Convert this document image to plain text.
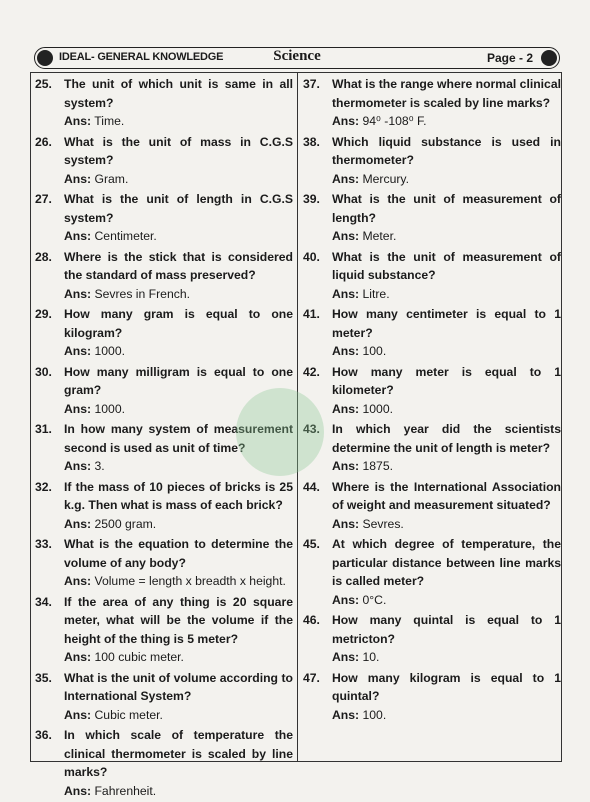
IDEAL- GENERAL KNOWLEDGE	Science	Page - 2
25. The unit of which unit is same in all system?
Ans: Time.
26. What is the unit of mass in C.G.S system?
Ans: Gram.
27. What is the unit of length in C.G.S system?
Ans: Centimeter.
28. Where is the stick that is considered the standard of mass preserved?
Ans: Sevres in French.
29. How many gram is equal to one kilogram?
Ans: 1000.
30. How many milligram is equal to one gram?
Ans: 1000.
31. In how many system of measurement second is used as unit of time?
Ans: 3.
32. If the mass of 10 pieces of bricks is 25 k.g. Then what is mass of each brick?
Ans: 2500 gram.
33. What is the equation to determine the volume of any body?
Ans: Volume = length x breadth x height.
34. If the area of any thing is 20 square meter, what will be the volume if the height of the thing is 5 meter?
Ans: 100 cubic meter.
35. What is the unit of volume according to International System?
Ans: Cubic meter.
36. In which scale of temperature the clinical thermometer is scaled by line marks?
Ans: Fahrenheit.
37. What is the range where normal clinical thermometer is scaled by line marks?
Ans: 94⁰ -108⁰ F.
38. Which liquid substance is used in thermometer?
Ans: Mercury.
39. What is the unit of measurement of length?
Ans: Meter.
40. What is the unit of measurement of liquid substance?
Ans: Litre.
41. How many centimeter is equal to 1 meter?
Ans: 100.
42. How many meter is equal to 1 kilometer?
Ans: 1000.
43. In which year did the scientists determine the unit of length is meter?
Ans: 1875.
44. Where is the International Association of weight and measurement situated?
Ans: Sevres.
45. At which degree of temperature, the particular distance between line marks is called meter?
Ans: 0°C.
46. How many quintal is equal to 1 metricton?
Ans: 10.
47. How many kilogram is equal to 1 quintal?
Ans: 100.
